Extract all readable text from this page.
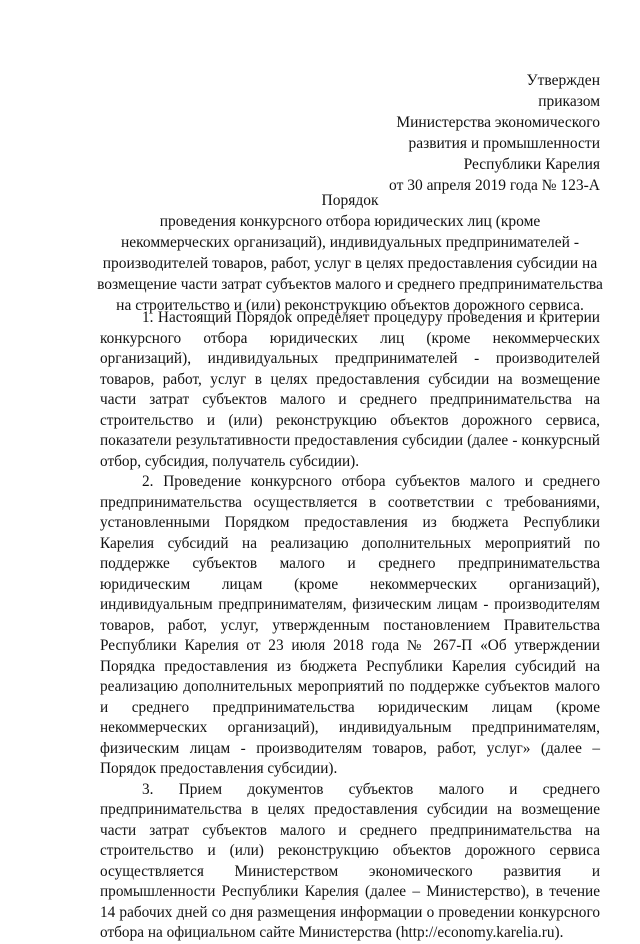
Утвержден
приказом
Министерства экономического
развития и промышленности
Республики Карелия
от 30 апреля 2019 года № 123-А
Порядок
проведения конкурсного отбора юридических лиц (кроме
некоммерческих организаций), индивидуальных предпринимателей -
производителей товаров, работ, услуг в целях предоставления субсидии на
возмещение части затрат субъектов малого и среднего предпринимательства
на строительство и (или) реконструкцию объектов дорожного сервиса.

1. Настоящий Порядок определяет процедуру проведения и критерии конкурсного отбора юридических лиц (кроме некоммерческих организаций), индивидуальных предпринимателей - производителей товаров, работ, услуг в целях предоставления субсидии на возмещение части затрат субъектов малого и среднего предпринимательства на строительство и (или) реконструкцию объектов дорожного сервиса, показатели результативности предоставления субсидии (далее - конкурсный отбор, субсидия, получатель субсидии).

2. Проведение конкурсного отбора субъектов малого и среднего предпринимательства осуществляется в соответствии с требованиями, установленными Порядком предоставления из бюджета Республики Карелия субсидий на реализацию дополнительных мероприятий по поддержке субъектов малого и среднего предпринимательства юридическим лицам (кроме некоммерческих организаций), индивидуальным предпринимателям, физическим лицам - производителям товаров, работ, услуг, утвержденным постановлением Правительства Республики Карелия от 23 июля 2018 года № 267-П «Об утверждении Порядка предоставления из бюджета Республики Карелия субсидий на реализацию дополнительных мероприятий по поддержке субъектов малого и среднего предпринимательства юридическим лицам (кроме некоммерческих организаций), индивидуальным предпринимателям, физическим лицам - производителям товаров, работ, услуг» (далее – Порядок предоставления субсидии).

3. Прием документов субъектов малого и среднего предпринимательства в целях предоставления субсидии на возмещение части затрат субъектов малого и среднего предпринимательства на строительство и (или) реконструкцию объектов дорожного сервиса осуществляется Министерством экономического развития и промышленности Республики Карелия (далее – Министерство), в течение 14 рабочих дней со дня размещения информации о проведении конкурсного отбора на официальном сайте Министерства (http://economy.karelia.ru).
